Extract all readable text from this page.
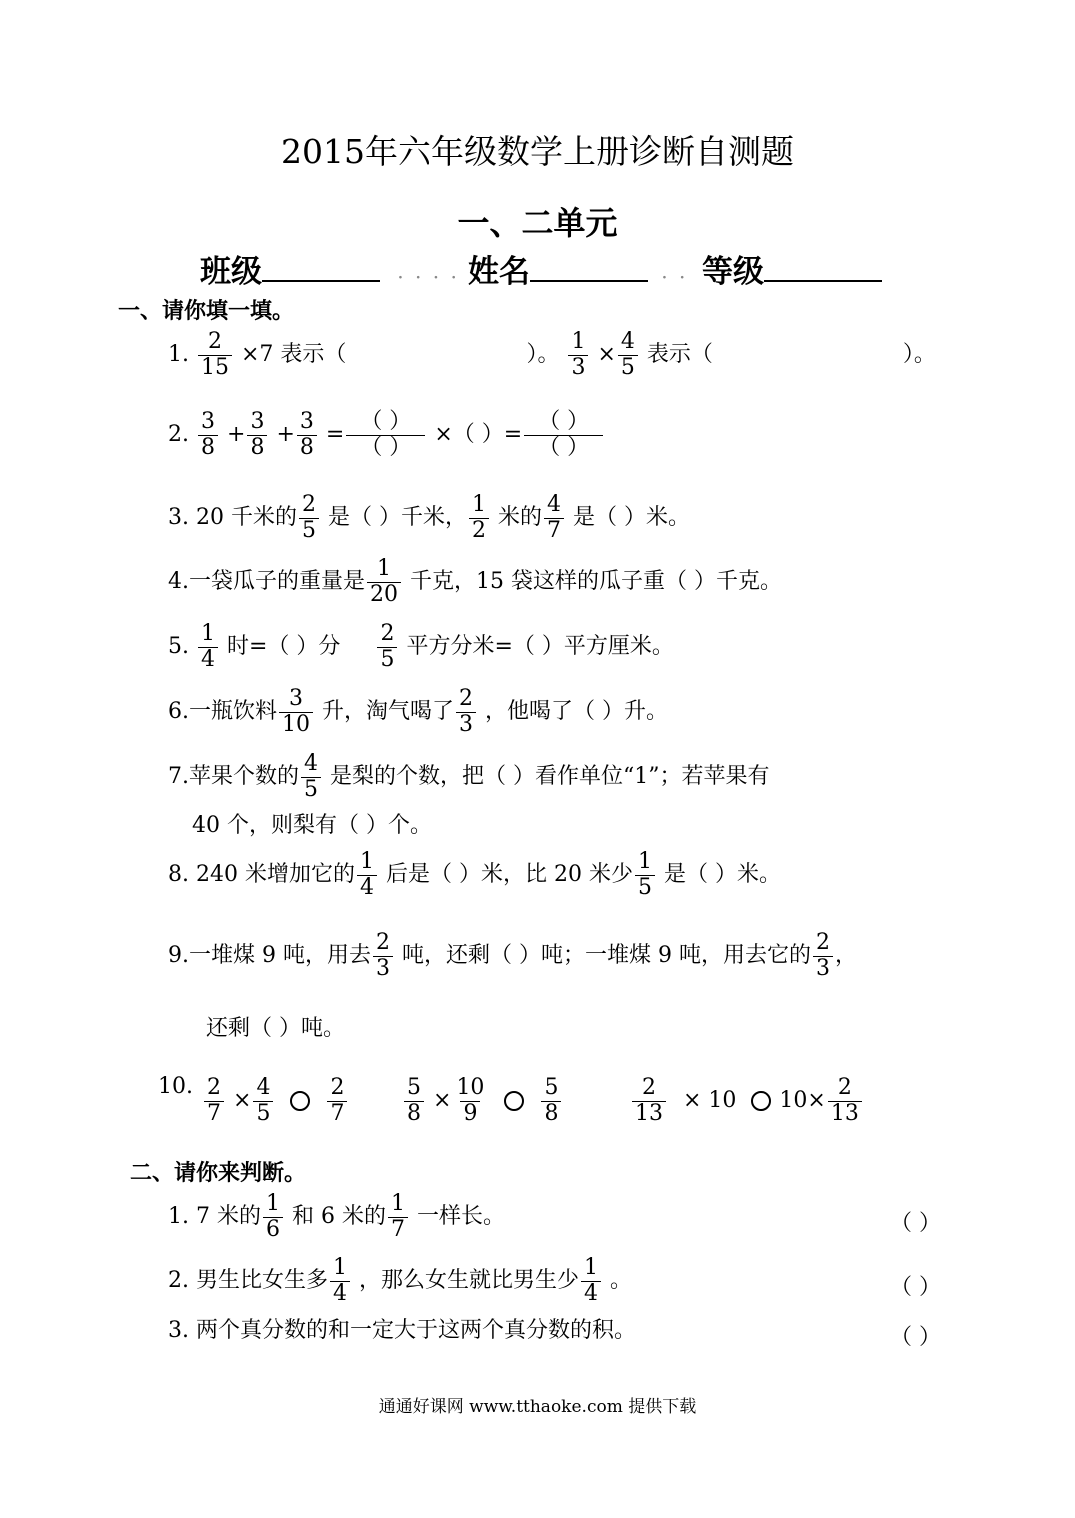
2015年六年级数学上册诊断自测题
一、二单元
班级	· · · · 姓名	· · 等级
一、请你填一填。
1. $\frac{2}{15} \times 7$ 表示（	）。 $\frac{1}{3} \times \frac{4}{5}$ 表示（	）。
2. $\frac{3}{8} + \frac{3}{8} + \frac{3}{8} = \frac{( )}{( )}$ ×（ ）= $\frac{( )}{( )}$
3. 20 千米的 $\frac{2}{5}$ 是（ ）千米， $\frac{1}{2}$ 米的 $\frac{4}{7}$ 是（ ）米。
4.一袋瓜子的重量是 $\frac{1}{20}$ 千克，15 袋这样的瓜子重（ ）千克。
5. $\frac{1}{4}$ 时=（ ）分 $\frac{2}{5}$ 平方分米=（ ）平方厘米。
6.一瓶饮料 $\frac{3}{10}$ 升，淘气喝了 $\frac{2}{3}$ ，他喝了（ ）升。
7.苹果个数的 $\frac{4}{5}$ 是梨的个数，把（ ）看作单位“1”；若苹果有
40 个，则梨有（ ）个。
8. 240 米增加它的 $\frac{1}{4}$ 后是（ ）米，比 20 米少 $\frac{1}{5}$ 是（ ）米。
9.一堆煤 9 吨，用去 $\frac{2}{3}$ 吨，还剩（ ）吨；一堆煤 9 吨，用去它的 $\frac{2}{3}$ ，
还剩（ ）吨。
10. $\frac{2}{7} \times \frac{4}{5}$
$\frac{2}{7}$	$\frac{5}{8} \times \frac{10}{9}$
$\frac{5}{8}$	$\frac{2}{13} \times 10$ $10\times \frac{2}{13}$
二、请你来判断。
1. 7 米的 $\frac{1}{6}$ 和 6 米的 $\frac{1}{7}$ 一样长。	（ ）
2. 男生比女生多 $\frac{1}{4}$ ，那么女生就比男生少 $\frac{1}{4}$ 。	（ ）
3. 两个真分数的和一定大于这两个真分数的积。	（ ）
通通好课网 www.tthaoke.com 提供下载
